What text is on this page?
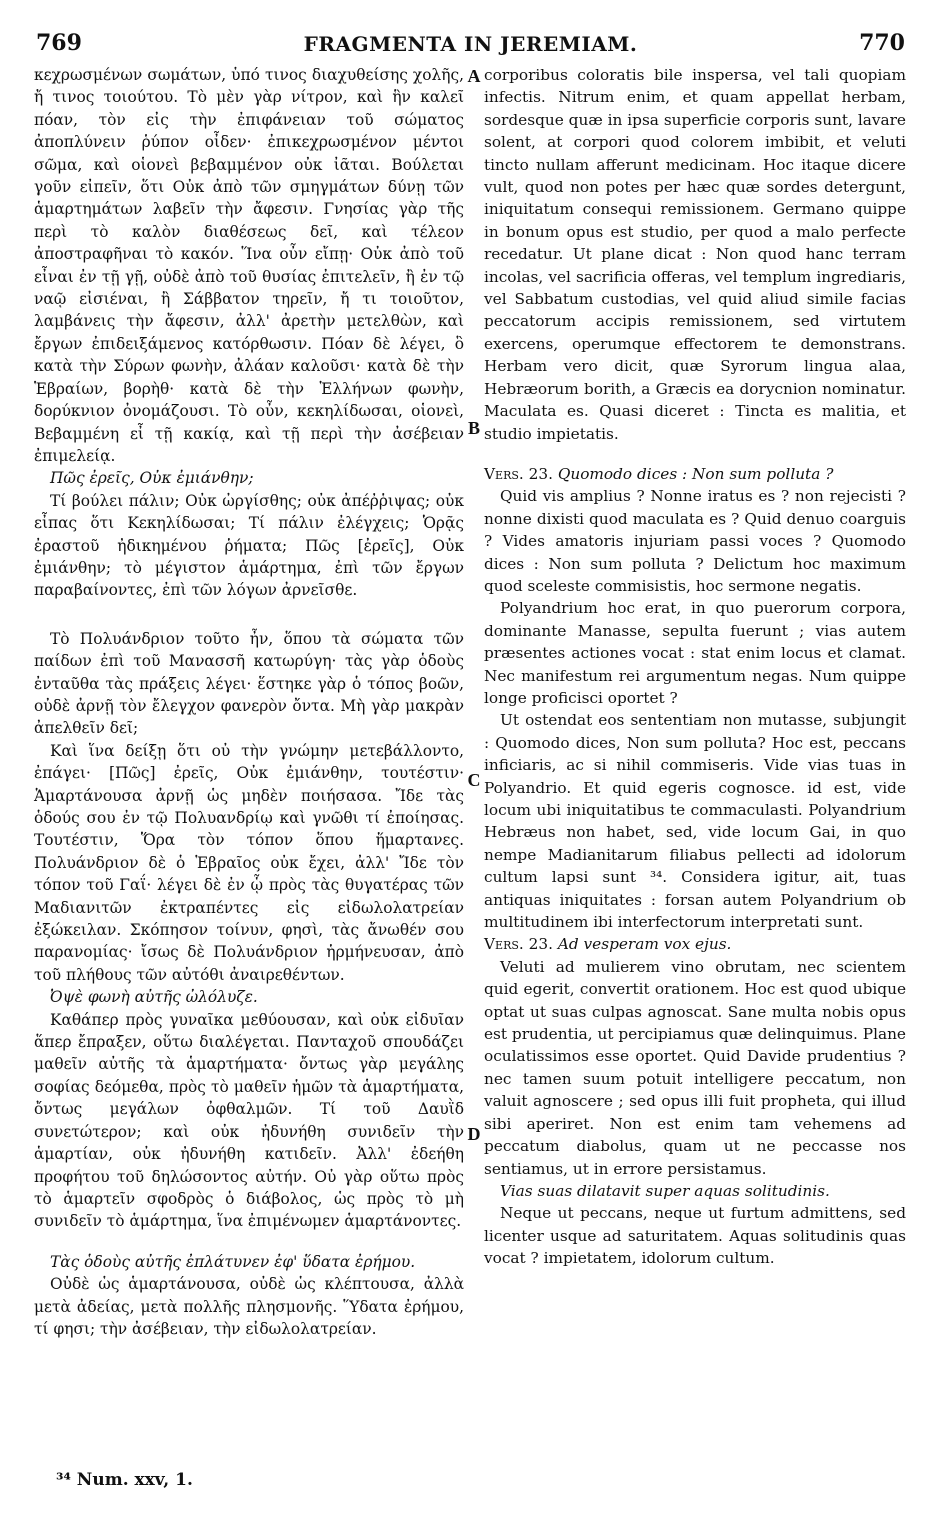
769	FRAGMENTA IN JEREMIAM.	770

κεχρωσμένων σωμάτων, ὑπό τινος διαχυθείσης χολῆς, ἤ τινος τοιούτου. Τὸ μὲν γὰρ νίτρον, καὶ ἣν καλεῖ πόαν, τὸν εἰς τὴν ἐπιφάνειαν τοῦ σώματος ἀποπλύνειν ῥύπον οἶδεν· ἐπικεχρωσμένον μέντοι σῶμα, καὶ οἱονεὶ βεβαμμένον οὐκ ἰᾶται. Βούλεται γοῦν εἰπεῖν, ὅτι Οὐκ ἀπὸ τῶν σμηγμάτων δύνῃ τῶν ἁμαρτημάτων λαβεῖν τὴν ἄφεσιν. Γνησίας γὰρ τῆς περὶ τὸ καλὸν διαθέσεως δεῖ, καὶ τέλεον ἀποστραφῆναι τὸ κακόν. Ἵνα οὖν εἴπῃ· Οὐκ ἀπὸ τοῦ εἶναι ἐν τῇ γῇ, οὐδὲ ἀπὸ τοῦ θυσίας ἐπιτελεῖν, ἢ ἐν τῷ ναῷ εἰσιέναι, ἢ Σάββατον τηρεῖν, ἤ τι τοιοῦτον, λαμβάνεις τὴν ἄφεσιν, ἀλλ' ἀρετὴν μετελθὼν, καὶ ἔργων ἐπιδειξάμενος κατόρθωσιν. Πόαν δὲ λέγει, ὃ κατὰ τὴν Σύρων φωνὴν, ἀλάαν καλοῦσι· κατὰ δὲ τὴν Ἑβραίων, βορὴθ· κατὰ δὲ τὴν Ἑλλήνων φωνὴν, δορύκνιον ὀνομάζουσι. Τὸ οὖν, κεκηλίδωσαι, οἱονεὶ, Βεβαμμένη εἶ τῇ κακίᾳ, καὶ τῇ περὶ τὴν ἀσέβειαν ἐπιμελείᾳ.

Πῶς ἐρεῖς, Οὐκ ἐμιάνθην;

Τί βούλει πάλιν; Οὐκ ὠργίσθης; οὐκ ἀπέῤῥιψας; οὐκ εἶπας ὅτι Κεκηλίδωσαι; Τί πάλιν ἐλέγχεις; Ὁρᾷς ἐραστοῦ ἠδικημένου ῥήματα; Πῶς [ἐρεῖς], Οὐκ ἐμιάνθην; τὸ μέγιστον ἁμάρτημα, ἐπὶ τῶν ἔργων παραβαίνοντες, ἐπὶ τῶν λόγων ἀρνεῖσθε.

Τὸ Πολυάνδριον τοῦτο ἦν, ὅπου τὰ σώματα τῶν παίδων ἐπὶ τοῦ Μανασσῆ κατωρύγη· τὰς γὰρ ὁδοὺς ἐνταῦθα τὰς πράξεις λέγει· ἕστηκε γὰρ ὁ τόπος βοῶν, οὐδὲ ἀρνῇ τὸν ἔλεγχον φανερὸν ὄντα. Μὴ γὰρ μακρὰν ἀπελθεῖν δεῖ;

Καὶ ἵνα δείξῃ ὅτι οὐ τὴν γνώμην μετεβάλλοντο, ἐπάγει· [Πῶς] ἐρεῖς, Οὐκ ἐμιάνθην, τουτέστιν· Ἁμαρτάνουσα ἀρνῇ ὡς μηδὲν ποιήσασα. Ἴδε τὰς ὁδούς σου ἐν τῷ Πολυανδρίῳ καὶ γνῶθι τί ἐποίησας. Τουτέστιν, Ὅρα τὸν τόπον ὅπου ἥμαρτανες. Πολυάνδριον δὲ ὁ Ἑβραῖος οὐκ ἔχει, ἀλλ' Ἴδε τὸν τόπον τοῦ Γαΐ· λέγει δὲ ἐν ᾧ πρὸς τὰς θυγατέρας τῶν Μαδιανιτῶν ἐκτραπέντες εἰς εἰδωλολατρείαν ἐξώκειλαν. Σκόπησον τοίνυν, φησὶ, τὰς ἄνωθέν σου παρανομίας· ἴσως δὲ Πολυάνδριον ἡρμήνευσαν, ἀπὸ τοῦ πλήθους τῶν αὐτόθι ἀναιρεθέντων.

Ὀψὲ φωνὴ αὐτῆς ὠλόλυζε.

Καθάπερ πρὸς γυναῖκα μεθύουσαν, καὶ οὐκ εἰδυῖαν ἅπερ ἔπραξεν, οὕτω διαλέγεται. Πανταχοῦ σπουδάζει μαθεῖν αὐτῆς τὰ ἁμαρτήματα· ὄντως γὰρ μεγάλης σοφίας δεόμεθα, πρὸς τὸ μαθεῖν ἡμῶν τὰ ἁμαρτήματα, ὄντως μεγάλων ὀφθαλμῶν. Τί τοῦ Δαυῒδ συνετώτερον; καὶ οὐκ ἠδυνήθη συνιδεῖν τὴν ἁμαρτίαν, οὐκ ἠδυνήθη κατιδεῖν. Ἀλλ' ἐδεήθη προφήτου τοῦ δηλώσοντος αὐτήν. Οὐ γὰρ οὕτω πρὸς τὸ ἁμαρτεῖν σφοδρὸς ὁ διάβολος, ὡς πρὸς τὸ μὴ συνιδεῖν τὸ ἁμάρτημα, ἵνα ἐπιμένωμεν ἁμαρτάνοντες.

Τὰς ὁδοὺς αὐτῆς ἐπλάτυνεν ἐφ' ὕδατα ἐρήμου.

Οὐδὲ ὡς ἁμαρτάνουσα, οὐδὲ ὡς κλέπτουσα, ἀλλὰ μετὰ ἀδείας, μετὰ πολλῆς πλησμονῆς. Ὕδατα ἐρήμου, τί φησι; τὴν ἀσέβειαν, τὴν εἰδωλολατρείαν.

A
B
C
D

corporibus coloratis bile inspersa, vel tali quopiam infectis. Nitrum enim, et quam appellat herbam, sordesque quæ in ipsa superficie corporis sunt, lavare solent, at corpori quod colorem imbibit, et veluti tincto nullam afferunt medicinam. Hoc itaque dicere vult, quod non potes per hæc quæ sordes detergunt, iniquitatum consequi remissionem. Germano quippe in bonum opus est studio, per quod a malo perfecte recedatur. Ut plane dicat : Non quod hanc terram incolas, vel sacrificia offeras, vel templum ingrediaris, vel Sabbatum custodias, vel quid aliud simile facias peccatorum accipis remissionem, sed virtutem exercens, operumque effectorem te demonstrans. Herbam vero dicit, quæ Syrorum lingua alaa, Hebræorum borith, a Græcis ea dorycnion nominatur. Maculata es. Quasi diceret : Tincta es malitia, et studio impietatis.

Vers. 23. Quomodo dices : Non sum polluta ?

Quid vis amplius ? Nonne iratus es ? non rejecisti ? nonne dixisti quod maculata es ? Quid denuo coarguis ? Vides amatoris injuriam passi voces ? Quomodo dices : Non sum polluta ? Delictum hoc maximum quod sceleste commisistis, hoc sermone negatis.

Polyandrium hoc erat, in quo puerorum corpora, dominante Manasse, sepulta fuerunt ; vias autem præsentes actiones vocat : stat enim locus et clamat. Nec manifestum rei argumentum negas. Num quippe longe proficisci oportet ?

Ut ostendat eos sententiam non mutasse, subjungit : Quomodo dices, Non sum polluta? Hoc est, peccans inficiaris, ac si nihil commiseris. Vide vias tuas in Polyandrio. Et quid egeris cognosce. id est, vide locum ubi iniquitatibus te commaculasti. Polyandrium Hebræus non habet, sed, vide locum Gai, in quo nempe Madianitarum filiabus pellecti ad idolorum cultum lapsi sunt ³⁴. Considera igitur, ait, tuas antiquas iniquitates : forsan autem Polyandrium ob multitudinem ibi interfectorum interpretati sunt.

Vers. 23. Ad vesperam vox ejus.

Veluti ad mulierem vino obrutam, nec scientem quid egerit, convertit orationem. Hoc est quod ubique optat ut suas culpas agnoscat. Sane multa nobis opus est prudentia, ut percipiamus quæ delinquimus. Plane oculatissimos esse oportet. Quid Davide prudentius ? nec tamen suum potuit intelligere peccatum, non valuit agnoscere ; sed opus illi fuit propheta, qui illud sibi aperiret. Non est enim tam vehemens ad peccatum diabolus, quam ut ne peccasse nos sentiamus, ut in errore persistamus.

Vias suas dilatavit super aquas solitudinis.

Neque ut peccans, neque ut furtum admittens, sed licenter usque ad saturitatem. Aquas solitudinis quas vocat ? impietatem, idolorum cultum.

³⁴ Num. xxv, 1.
